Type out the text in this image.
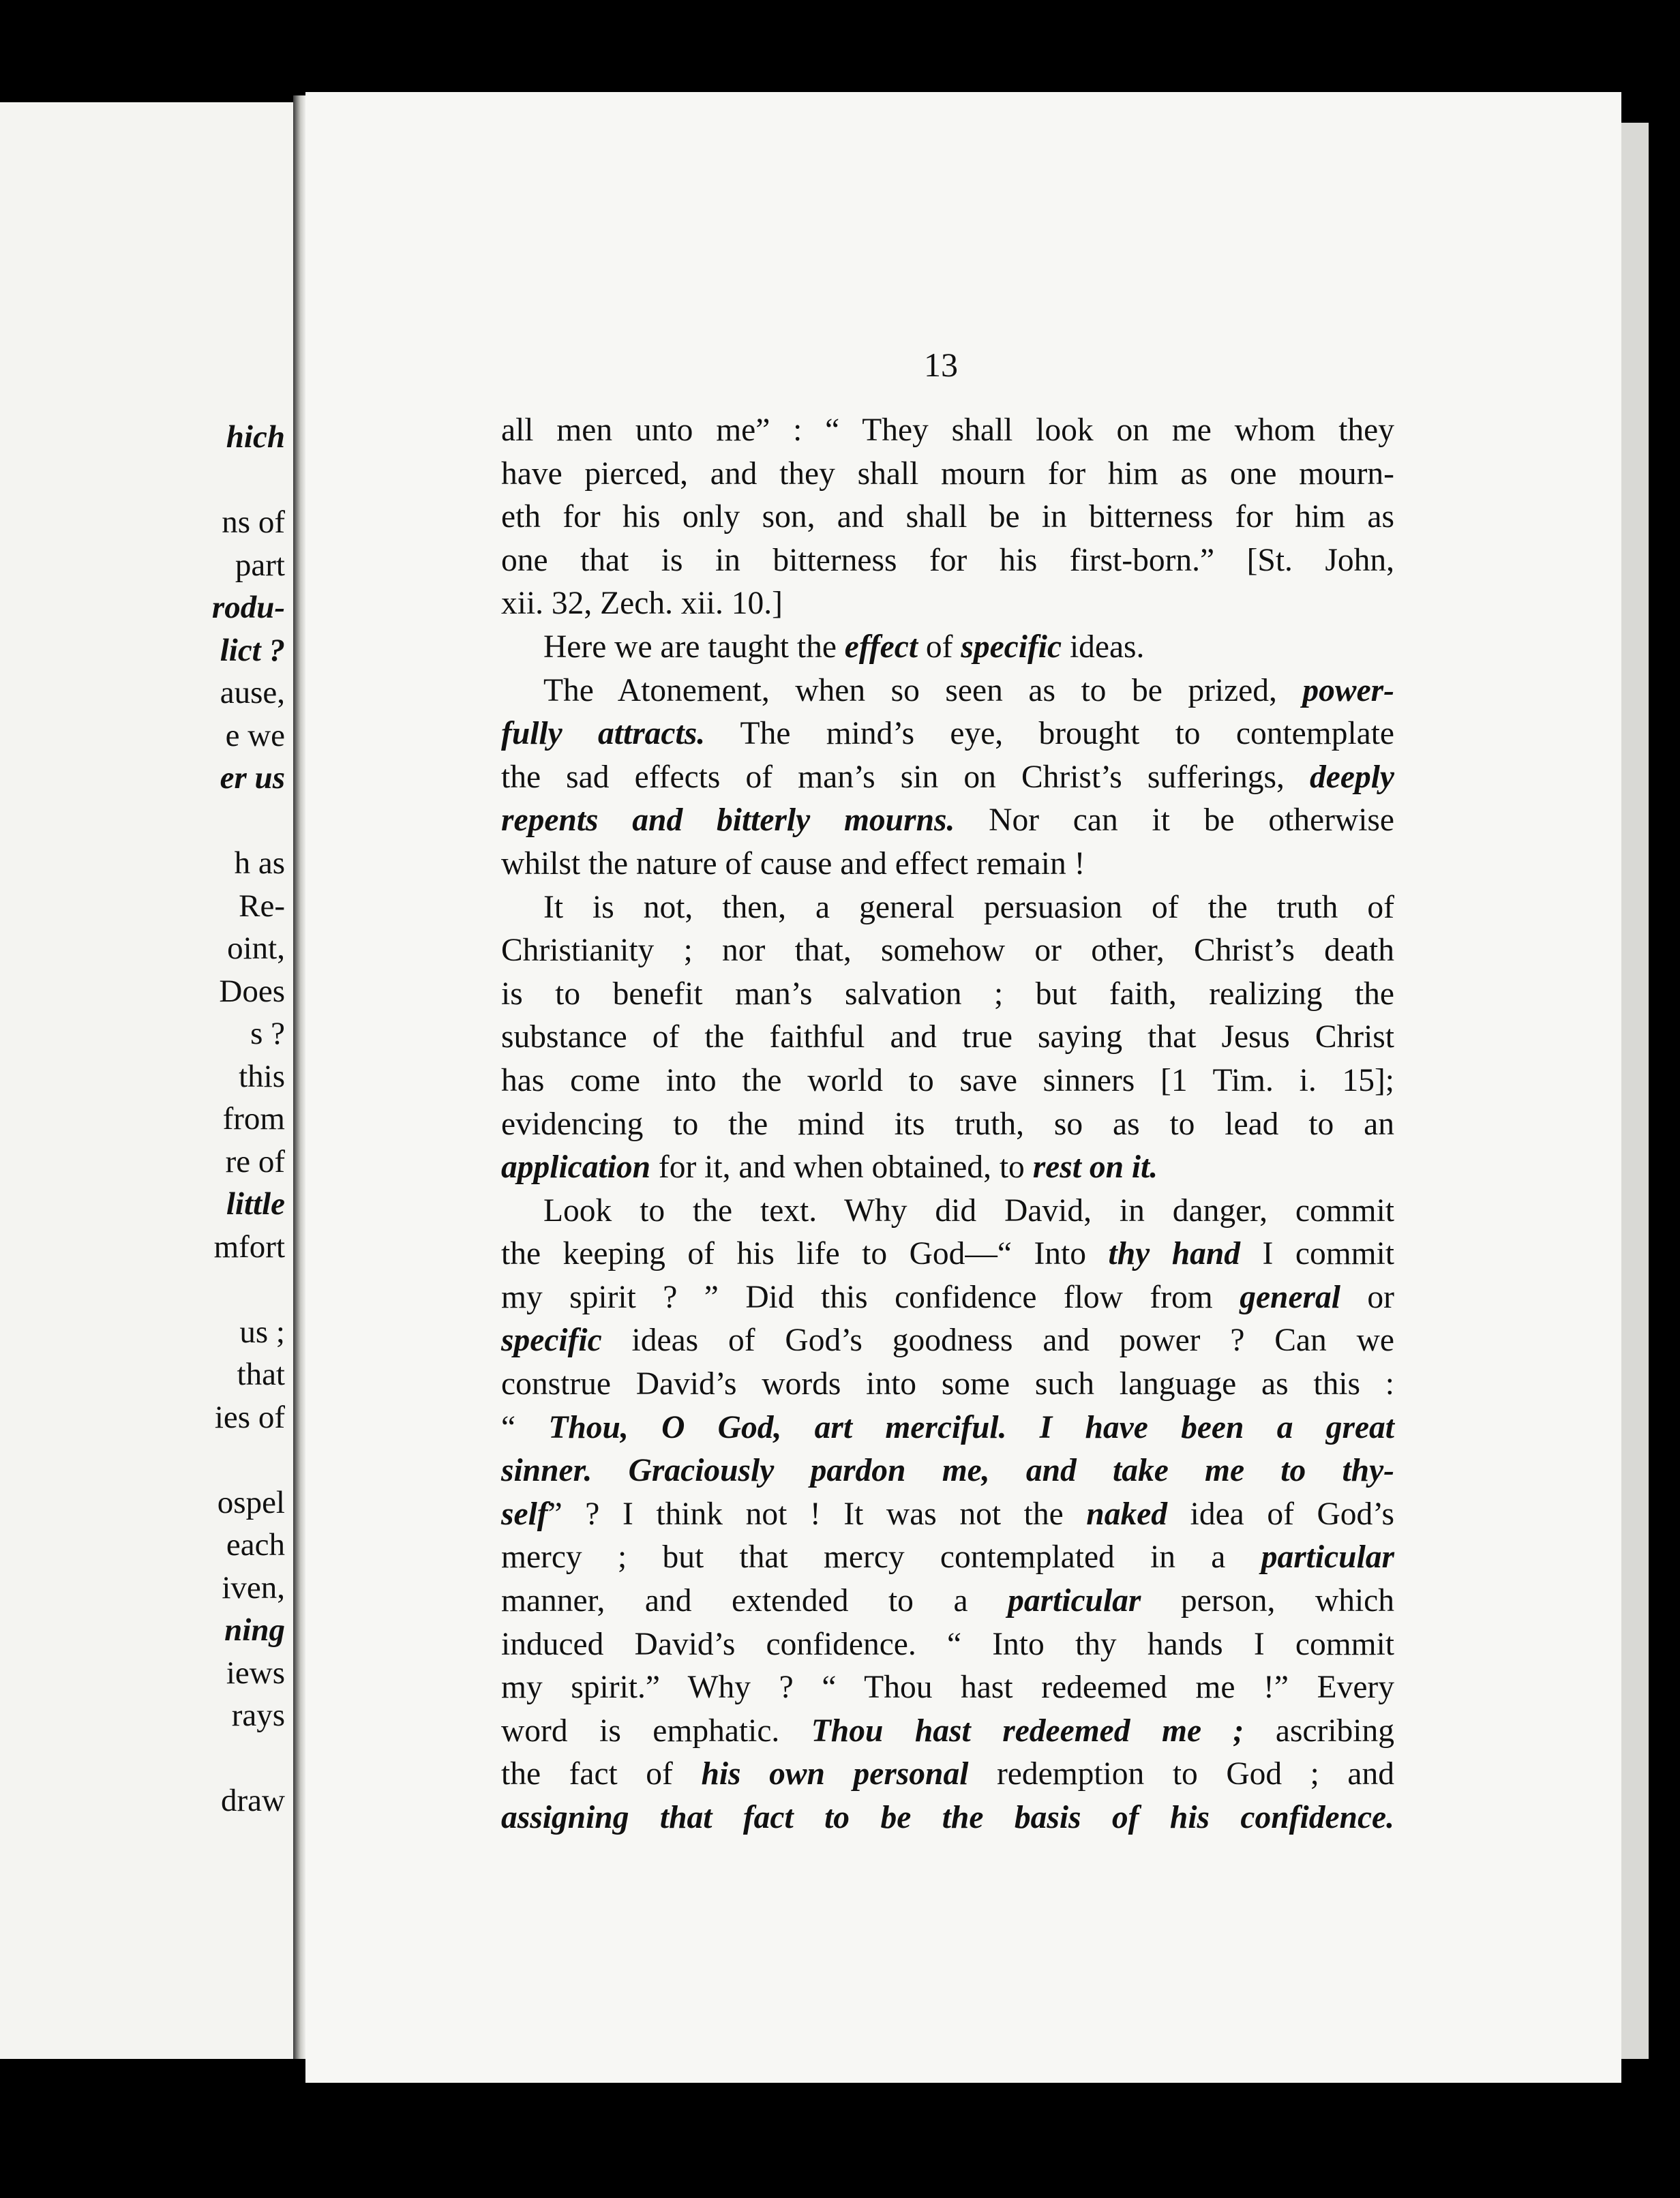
hich
ns of
part
rodu-
lict ?
ause,
e we
er us
h as
Re-
oint,
Does
s ?
this
from
re of
little
mfort
us ;
that
ies of
ospel
each
iven,
ning
iews
rays
draw
13
all men unto me” : “ They shall look on me whom they
have pierced, and they shall mourn for him as one mourn-
eth for his only son, and shall be in bitterness for him as
one that is in bitterness for his first-born.” [St. John,
xii. 32, Zech. xii. 10.]
Here we are taught the effect of specific ideas.
The Atonement, when so seen as to be prized, power-
fully attracts. The mind’s eye, brought to contemplate
the sad effects of man’s sin on Christ’s sufferings, deeply
repents and bitterly mourns. Nor can it be otherwise
whilst the nature of cause and effect remain !
It is not, then, a general persuasion of the truth of
Christianity ; nor that, somehow or other, Christ’s death
is to benefit man’s salvation ; but faith, realizing the
substance of the faithful and true saying that Jesus Christ
has come into the world to save sinners [1 Tim. i. 15];
evidencing to the mind its truth, so as to lead to an
application for it, and when obtained, to rest on it.
Look to the text. Why did David, in danger, commit
the keeping of his life to God—“ Into thy hand I commit
my spirit ? ” Did this confidence flow from general or
specific ideas of God’s goodness and power ? Can we
construe David’s words into some such language as this :
“ Thou, O God, art merciful. I have been a great
sinner. Graciously pardon me, and take me to thy-
self” ? I think not ! It was not the naked idea of God’s
mercy ; but that mercy contemplated in a particular
manner, and extended to a particular person, which
induced David’s confidence. “ Into thy hands I commit
my spirit.” Why ? “ Thou hast redeemed me !” Every
word is emphatic. Thou hast redeemed me ; ascribing
the fact of his own personal redemption to God ; and
assigning that fact to be the basis of his confidence.
